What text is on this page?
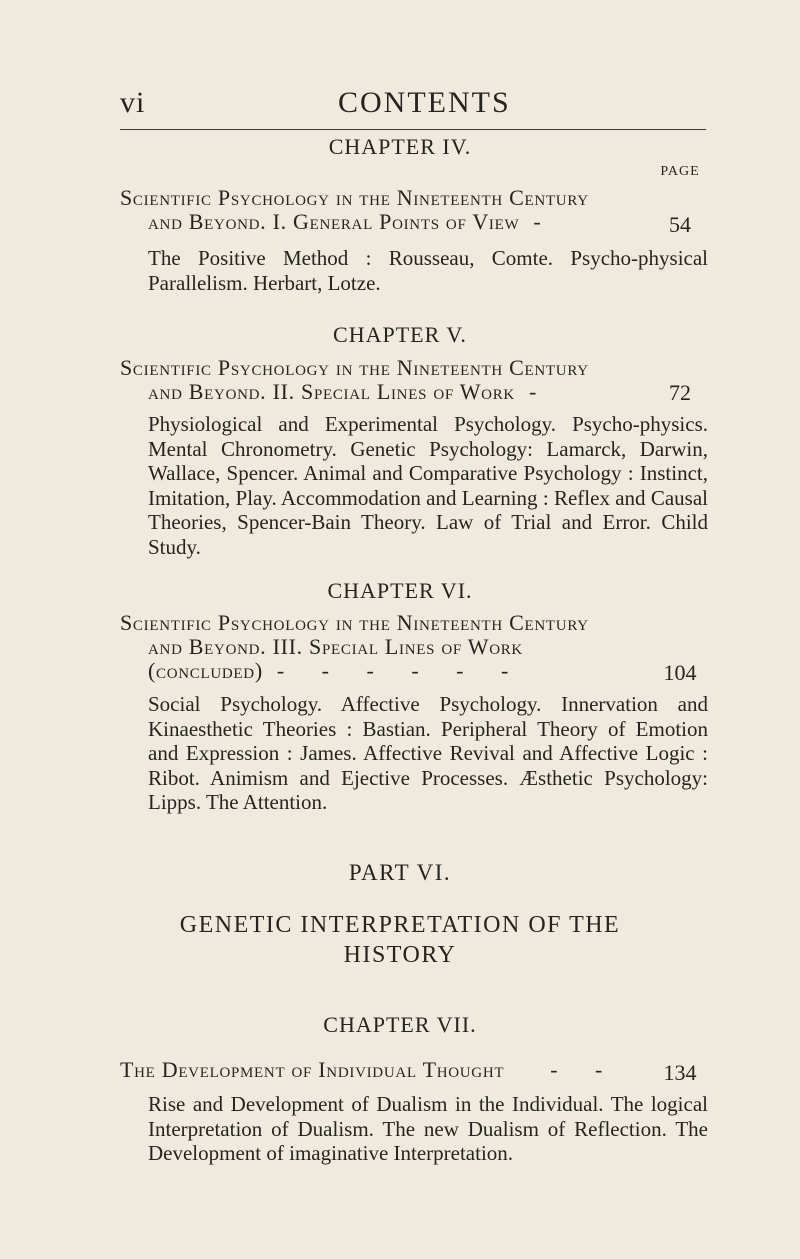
vi	CONTENTS
CHAPTER IV.
PAGE
Scientific Psychology in the Nineteenth Century
and Beyond. I. General Points of View -	54
The Positive Method : Rousseau, Comte. Psycho-physical Parallelism. Herbart, Lotze.
CHAPTER V.
Scientific Psychology in the Nineteenth Century
and Beyond. II. Special Lines of Work -	72
Physiological and Experimental Psychology. Psycho-physics. Mental Chronometry. Genetic Psychology: Lamarck, Darwin, Wallace, Spencer. Animal and Comparative Psychology : Instinct, Imitation, Play. Accommodation and Learning : Reflex and Causal Theories, Spencer-Bain Theory. Law of Trial and Error. Child Study.
CHAPTER VI.
Scientific Psychology in the Nineteenth Century
and Beyond. III. Special Lines of Work
(concluded) - - - - - -	104
Social Psychology. Affective Psychology. Innervation and Kinaesthetic Theories : Bastian. Peripheral Theory of Emotion and Expression : James. Affective Revival and Affective Logic : Ribot. Animism and Ejective Processes. Æsthetic Psychology: Lipps. The Attention.
PART VI.
GENETIC INTERPRETATION OF THE
HISTORY
CHAPTER VII.
The Development of Individual Thought - -	134
Rise and Development of Dualism in the Individual. The logical Interpretation of Dualism. The new Dualism of Reflection. The Development of imaginative Interpretation.
